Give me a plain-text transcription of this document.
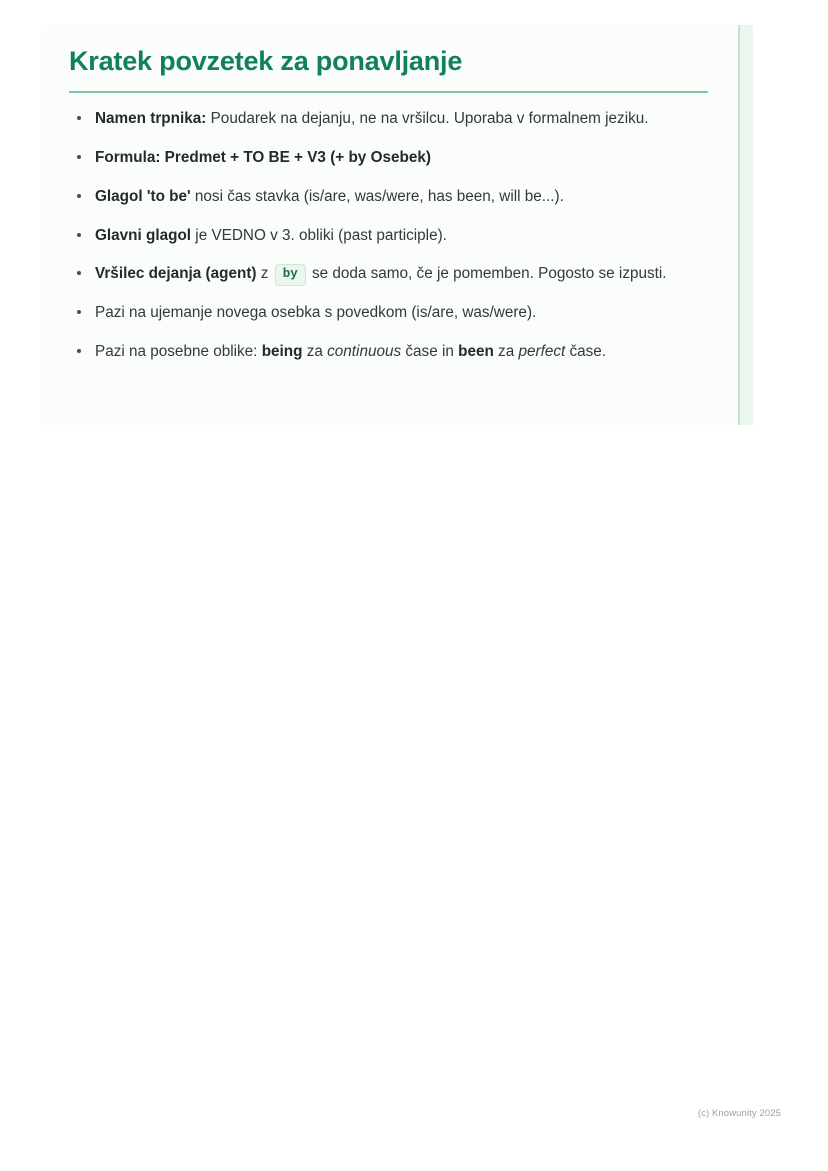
Kratek povzetek za ponavljanje
Namen trpnika: Poudarek na dejanju, ne na vršilcu. Uporaba v formalnem jeziku.
Formula: Predmet + TO BE + V3 (+ by Osebek)
Glagol 'to be' nosi čas stavka (is/are, was/were, has been, will be...).
Glavni glagol je VEDNO v 3. obliki (past participle).
Vršilec dejanja (agent) z by se doda samo, če je pomemben. Pogosto se izpusti.
Pazi na ujemanje novega osebka s povedkom (is/are, was/were).
Pazi na posebne oblike: being za continuous čase in been za perfect čase.
(c) Knowunity 2025
